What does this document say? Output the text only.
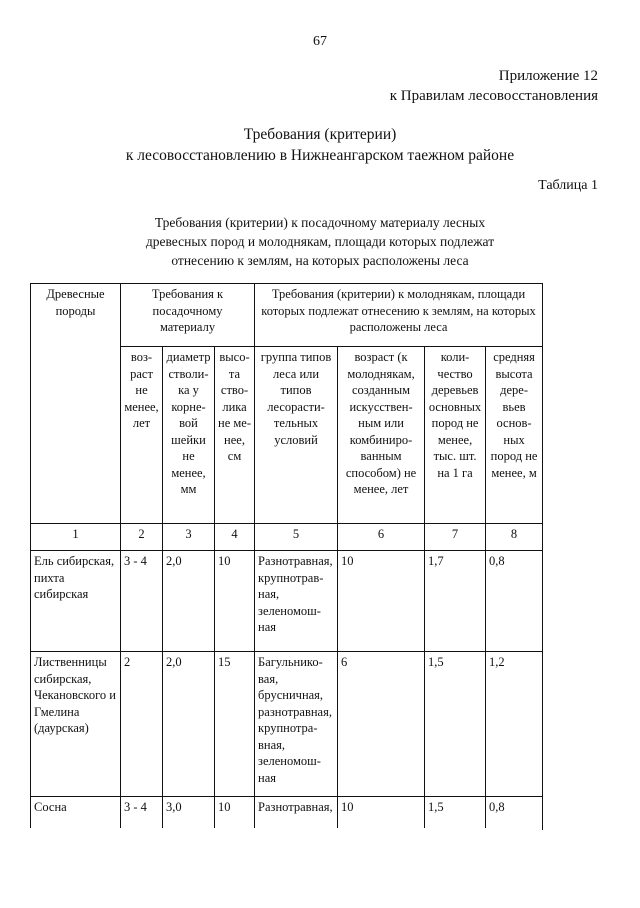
67
Приложение 12
к Правилам лесовосстановления
Требования (критерии)
к лесовосстановлению в Нижнеангарском таежном районе
Таблица 1
Требования (критерии) к посадочному материалу лесных
древесных пород и молоднякам, площади которых подлежат
отнесению к землям, на которых расположены леса
Древесные породы	Требования к посадочному материалу			Требования (критерии) к молоднякам, площади которых подлежат отнесению к землям, на которых расположены леса			
	воз-раст не менее, лет	диаметр стволи-ка у корне-вой шейки не менее, мм	высо-та ство-лика не ме-нее, см	группа типов леса или типов лесорасти-тельных условий	возраст (к молоднякам, созданным искусствен-ным или комбиниро-ванным способом) не менее, лет	коли-чество деревьев основных пород не менее, тыс. шт. на 1 га	средняя высота дере-вьев основ-ных пород не менее, м
1	2	3	4	5	6	7	8
Ель сибирская, пихта сибирская	3 - 4	2,0	10	Разнотравная, крупнотрав-ная, зеленомош-ная	10	1,7	0,8
Лиственницы сибирская, Чекановского и Гмелина (даурская)	2	2,0	15	Багульнико-вая, брусничная, разнотравная, крупнотра-вная, зеленомош-ная	6	1,5	1,2
Сосна	3 - 4	3,0	10	Разнотравная,	10	1,5	0,8
